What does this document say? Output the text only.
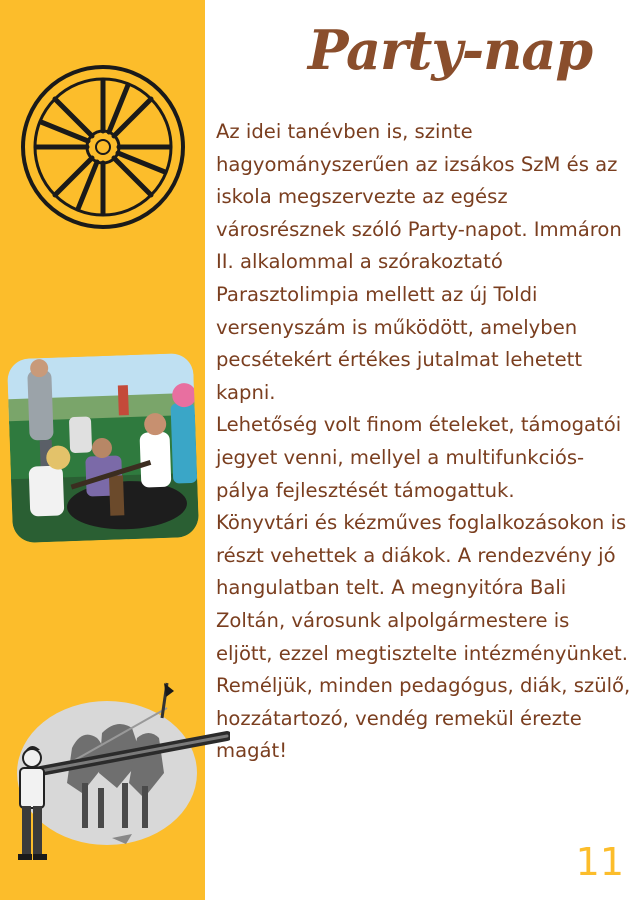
Party-nap

Az idei tanévben is, szinte hagyományszerűen az izsákos SzM és az iskola megszervezte az egész városrésznek szóló Party-napot. Immáron II. alkalommal a szórakoztató Parasztolimpia mellett az új Toldi versenyszám is működött, amelyben pecsétekért értékes jutalmat lehetett kapni.

Lehetőség volt finom ételeket, támogatói jegyet venni, mellyel a multifunkciós-pálya fejlesztését támogattuk.

Könyvtári és kézműves foglalkozásokon is részt vehettek a diákok. A rendezvény jó hangulatban telt. A megnyitóra Bali Zoltán, városunk alpolgármestere is eljött, ezzel megtisztelte intézményünket. Reméljük, minden pedagógus, diák, szülő, hozzátartozó, vendég remekül érezte magát!

11
